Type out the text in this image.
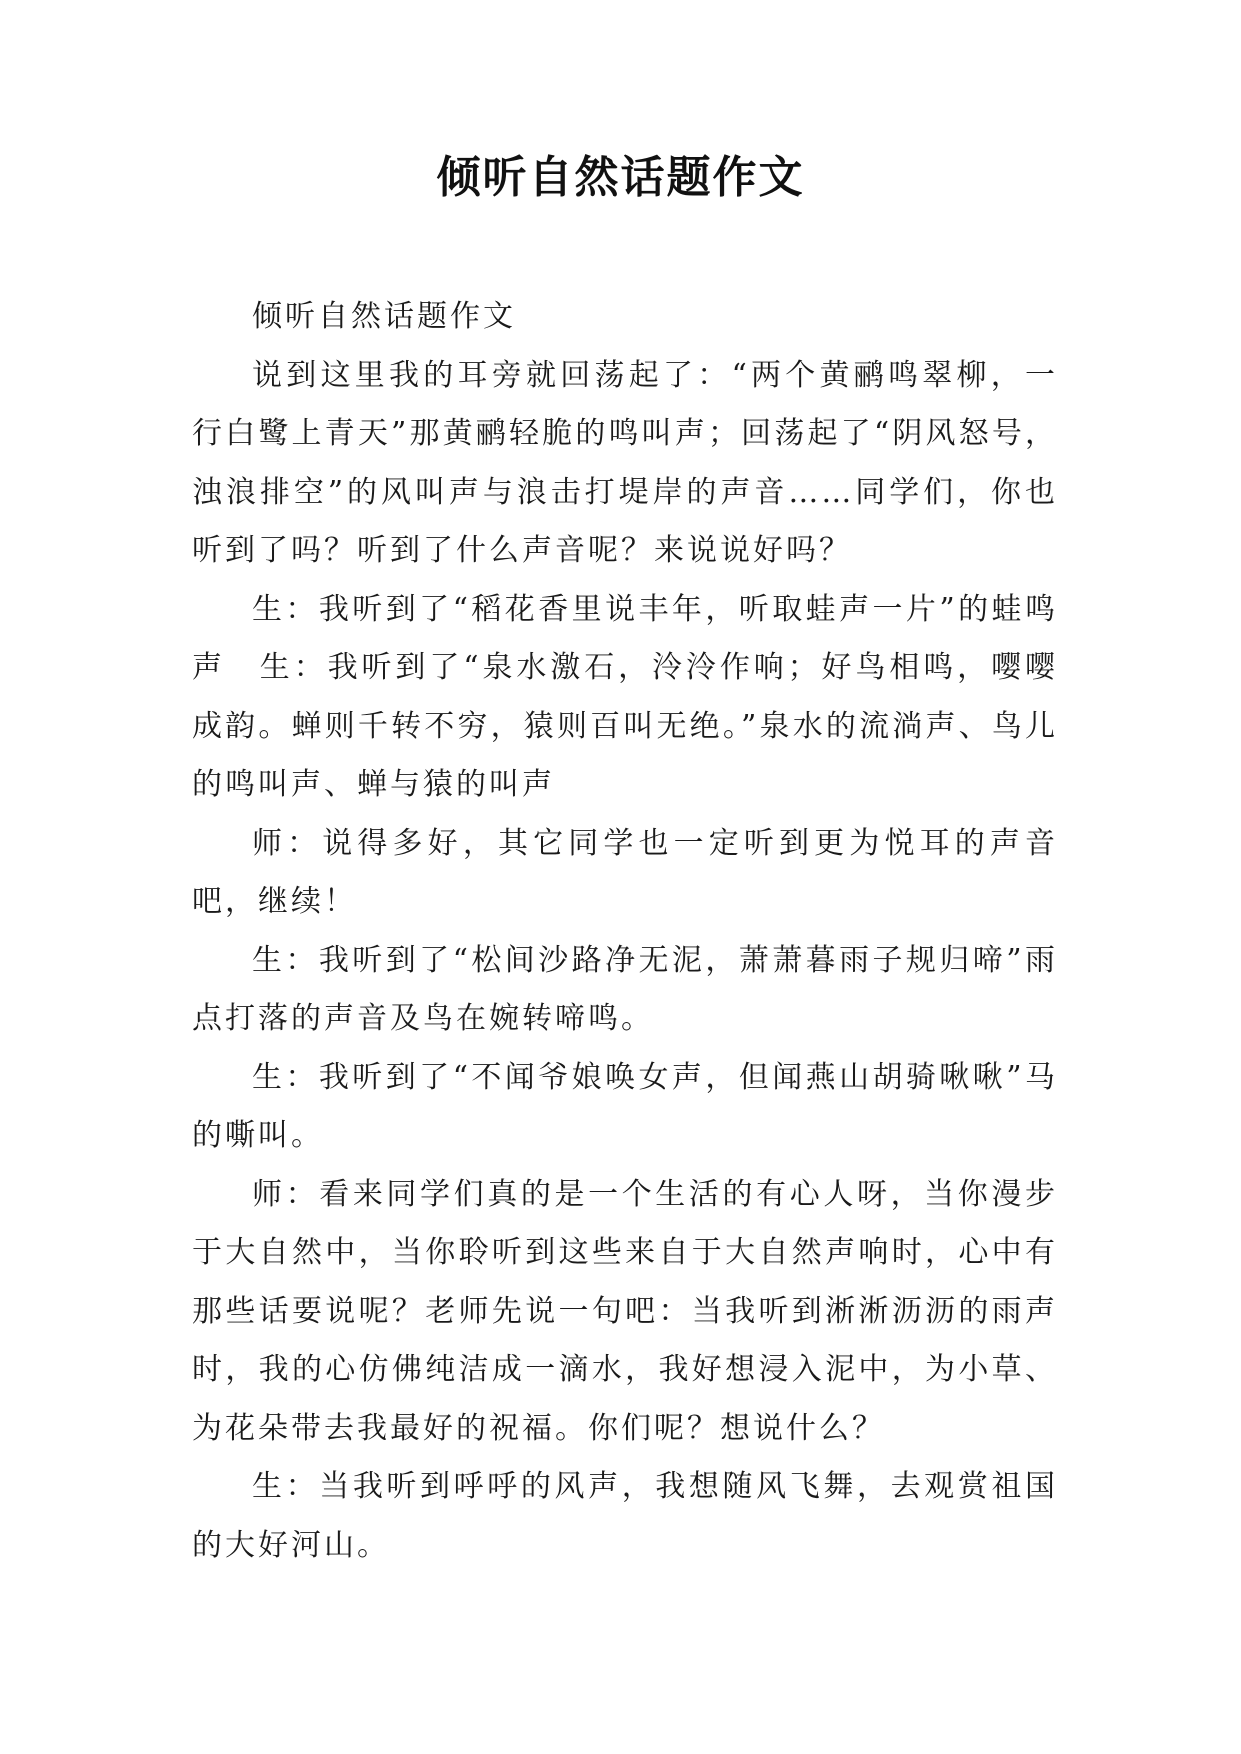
倾听自然话题作文

倾听自然话题作文

说到这里我的耳旁就回荡起了：“两个黄鹂鸣翠柳，一行白鹭上青天”那黄鹂轻脆的鸣叫声；回荡起了“阴风怒号，浊浪排空”的风叫声与浪击打堤岸的声音……同学们，你也听到了吗？听到了什么声音呢？来说说好吗？

生：我听到了“稻花香里说丰年，听取蛙声一片”的蛙鸣声　生：我听到了“泉水激石，泠泠作响；好鸟相鸣，嘤嘤成韵。蝉则千转不穷，猿则百叫无绝。”泉水的流淌声、鸟儿的鸣叫声、蝉与猿的叫声

师：说得多好，其它同学也一定听到更为悦耳的声音吧，继续！

生：我听到了“松间沙路净无泥，萧萧暮雨子规归啼”雨点打落的声音及鸟在婉转啼鸣。

生：我听到了“不闻爷娘唤女声，但闻燕山胡骑啾啾”马的嘶叫。

师：看来同学们真的是一个生活的有心人呀，当你漫步于大自然中，当你聆听到这些来自于大自然声响时，心中有那些话要说呢？老师先说一句吧：当我听到淅淅沥沥的雨声时，我的心仿佛纯洁成一滴水，我好想浸入泥中，为小草、为花朵带去我最好的祝福。你们呢？想说什么？

生：当我听到呼呼的风声，我想随风飞舞，去观赏祖国的大好河山。
